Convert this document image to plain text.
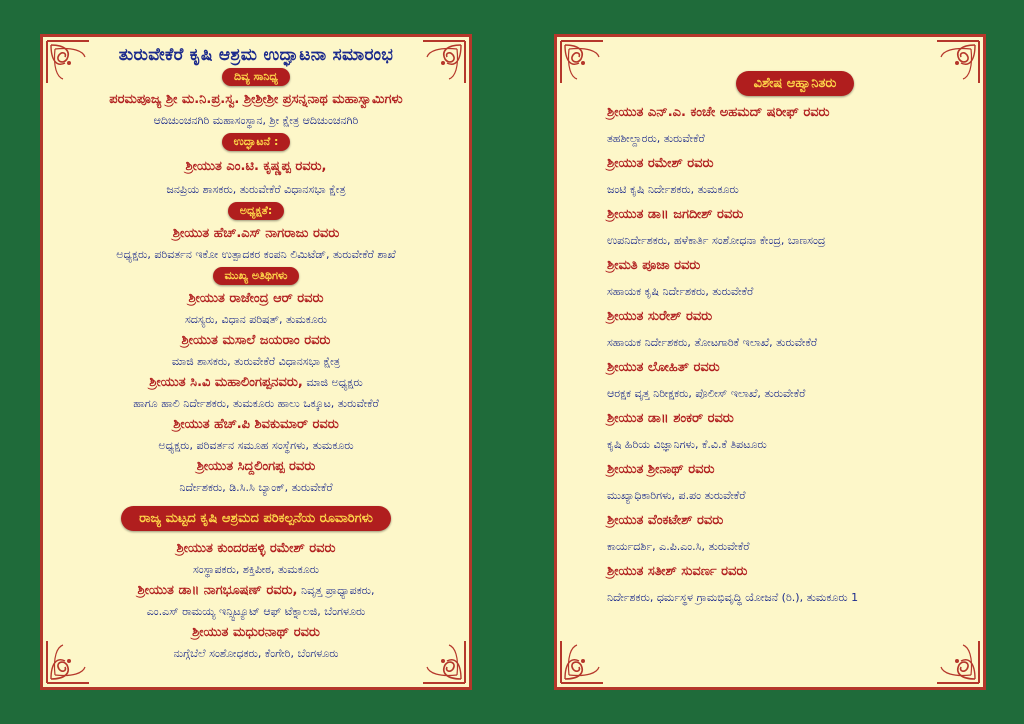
ತುರುವೇಕೆರೆ ಕೃಷಿ ಆಶ್ರಮ ಉದ್ಘಾಟನಾ ಸಮಾರಂಭ
ದಿವ್ಯ ಸಾನಿಧ್ಯ
ಪರಮಪೂಜ್ಯ ಶ್ರೀ ಮ.ನಿ.ಪ್ರ.ಸ್ವ. ಶ್ರೀಶ್ರೀಶ್ರೀ ಪ್ರಸನ್ನನಾಥ ಮಹಾಸ್ವಾಮಿಗಳು
ಆದಿಚುಂಚನಗಿರಿ ಮಹಾಸಂಸ್ಥಾನ, ಶ್ರೀ ಕ್ಷೇತ್ರ ಆದಿಚುಂಚನಗಿರಿ
ಉದ್ಘಾಟನೆ :
ಶ್ರೀಯುತ ಎಂ.ಟಿ. ಕೃಷ್ಣಪ್ಪ ರವರು,
ಜನಪ್ರಿಯ ಶಾಸಕರು, ತುರುವೇಕೆರೆ ವಿಧಾನಸಭಾ ಕ್ಷೇತ್ರ
ಅಧ್ಯಕ್ಷತೆ:
ಶ್ರೀಯುತ ಹೆಚ್.ಎಸ್ ನಾಗರಾಜು ರವರು
ಅಧ್ಯಕ್ಷರು, ಪರಿವರ್ತನ ಇಕೋ ಉತ್ಪಾದಕರ ಕಂಪನಿ ಲಿಮಿಟೆಡ್, ತುರುವೇಕೆರೆ ಶಾಖೆ
ಮುಖ್ಯ ಅತಿಥಿಗಳು
ಶ್ರೀಯುತ ರಾಜೇಂದ್ರ ಆರ್ ರವರು
ಸದಸ್ಯರು, ವಿಧಾನ ಪರಿಷತ್, ತುಮಕೂರು
ಶ್ರೀಯುತ ಮಸಾಲೆ ಜಯರಾಂ ರವರು
ಮಾಜಿ ಶಾಸಕರು, ತುರುವೇಕೆರೆ ವಿಧಾನಸಭಾ ಕ್ಷೇತ್ರ
ಶ್ರೀಯುತ ಸಿ.ವಿ ಮಹಾಲಿಂಗಪ್ಪನವರು, ಮಾಜಿ ಅಧ್ಯಕ್ಷರು
ಹಾಗೂ ಹಾಲಿ ನಿರ್ದೇಶಕರು, ತುಮಕೂರು ಹಾಲು ಒಕ್ಕೂಟ, ತುರುವೇಕೆರೆ
ಶ್ರೀಯುತ ಹೆಚ್.ಪಿ ಶಿವಕುಮಾರ್ ರವರು
ಅಧ್ಯಕ್ಷರು, ಪರಿವರ್ತನ ಸಮೂಹ ಸಂಸ್ಥೆಗಳು, ತುಮಕೂರು
ಶ್ರೀಯುತ ಸಿದ್ದಲಿಂಗಪ್ಪ ರವರು
ನಿರ್ದೇಶಕರು, ಡಿ.ಸಿ.ಸಿ ಬ್ಯಾಂಕ್, ತುರುವೇಕೆರೆ
ರಾಜ್ಯ ಮಟ್ಟದ ಕೃಷಿ ಆಶ್ರಮದ ಪರಿಕಲ್ಪನೆಯ ರೂವಾರಿಗಳು
ಶ್ರೀಯುತ ಕುಂದರಹಳ್ಳಿ ರಮೇಶ್ ರವರು
ಸಂಸ್ಥಾಪಕರು, ಶಕ್ತಿಪೀಠ, ತುಮಕೂರು
ಶ್ರೀಯುತ ಡಾ॥ ನಾಗಭೂಷಣ್ ರವರು, ನಿವೃತ್ತ ಪ್ರಾಧ್ಯಾಪಕರು,
ಎಂ.ಎಸ್ ರಾಮಯ್ಯ ಇನ್ಸ್ಟಿಟ್ಯೂಟ್ ಆಫ್ ಟೆಕ್ನಾಲಜಿ, ಬೆಂಗಳೂರು
ಶ್ರೀಯುತ ಮಧುರನಾಥ್ ರವರು
ನುಗ್ಗೆಬೆಲೆ ಸಂಶೋಧಕರು, ಕೆಂಗೇರಿ, ಬೆಂಗಳೂರು
ವಿಶೇಷ ಆಹ್ವಾನಿತರು
ಶ್ರೀಯುತ ಎನ್.ಎ. ಕಂಚೇ ಅಹಮದ್ ಷರೀಫ್ ರವರು
ತಹಶೀಲ್ದಾರರು, ತುರುವೇಕೆರೆ
ಶ್ರೀಯುತ ರಮೇಶ್ ರವರು
ಜಂಟಿ ಕೃಷಿ ನಿರ್ದೇಶಕರು, ತುಮಕೂರು
ಶ್ರೀಯುತ ಡಾ॥ ಜಗದೀಶ್ ರವರು
ಉಪನಿರ್ದೇಶಕರು, ಹಳೆಕಾರ್ತಿ ಸಂಶೋಧನಾ ಕೇಂದ್ರ, ಬಾಣಸಂದ್ರ
ಶ್ರೀಮತಿ ಪೂಜಾ ರವರು
ಸಹಾಯಕ ಕೃಷಿ ನಿರ್ದೇಶಕರು, ತುರುವೇಕೆರೆ
ಶ್ರೀಯುತ ಸುರೇಶ್ ರವರು
ಸಹಾಯಕ ನಿರ್ದೇಶಕರು, ತೋಟಗಾರಿಕೆ ಇಲಾಖೆ, ತುರುವೇಕೆರೆ
ಶ್ರೀಯುತ ಲೋಹಿತ್ ರವರು
ಆರಕ್ಷಕ ವೃತ್ತ ನಿರೀಕ್ಷಕರು, ಪೊಲೀಸ್ ಇಲಾಖೆ, ತುರುವೇಕೆರೆ
ಶ್ರೀಯುತ ಡಾ॥ ಶಂಕರ್ ರವರು
ಕೃಷಿ ಹಿರಿಯ ವಿಜ್ಞಾನಿಗಳು, ಕೆ.ವಿ.ಕೆ ತಿಪಟೂರು
ಶ್ರೀಯುತ ಶ್ರೀನಾಥ್ ರವರು
ಮುಖ್ಯಾಧಿಕಾರಿಗಳು, ಪ.ಪಂ ತುರುವೇಕೆರೆ
ಶ್ರೀಯುತ ವೆಂಕಟೇಶ್ ರವರು
ಕಾರ್ಯದರ್ಶಿ, ಎ.ಪಿ.ಎಂ.ಸಿ, ತುರುವೇಕೆರೆ
ಶ್ರೀಯುತ ಸತೀಶ್ ಸುವರ್ಣ ರವರು
ನಿರ್ದೇಶಕರು, ಧರ್ಮಸ್ಥಳ ಗ್ರಾಮಭಿವೃದ್ಧಿ ಯೋಜನೆ (ರಿ.), ತುಮಕೂರು 1
